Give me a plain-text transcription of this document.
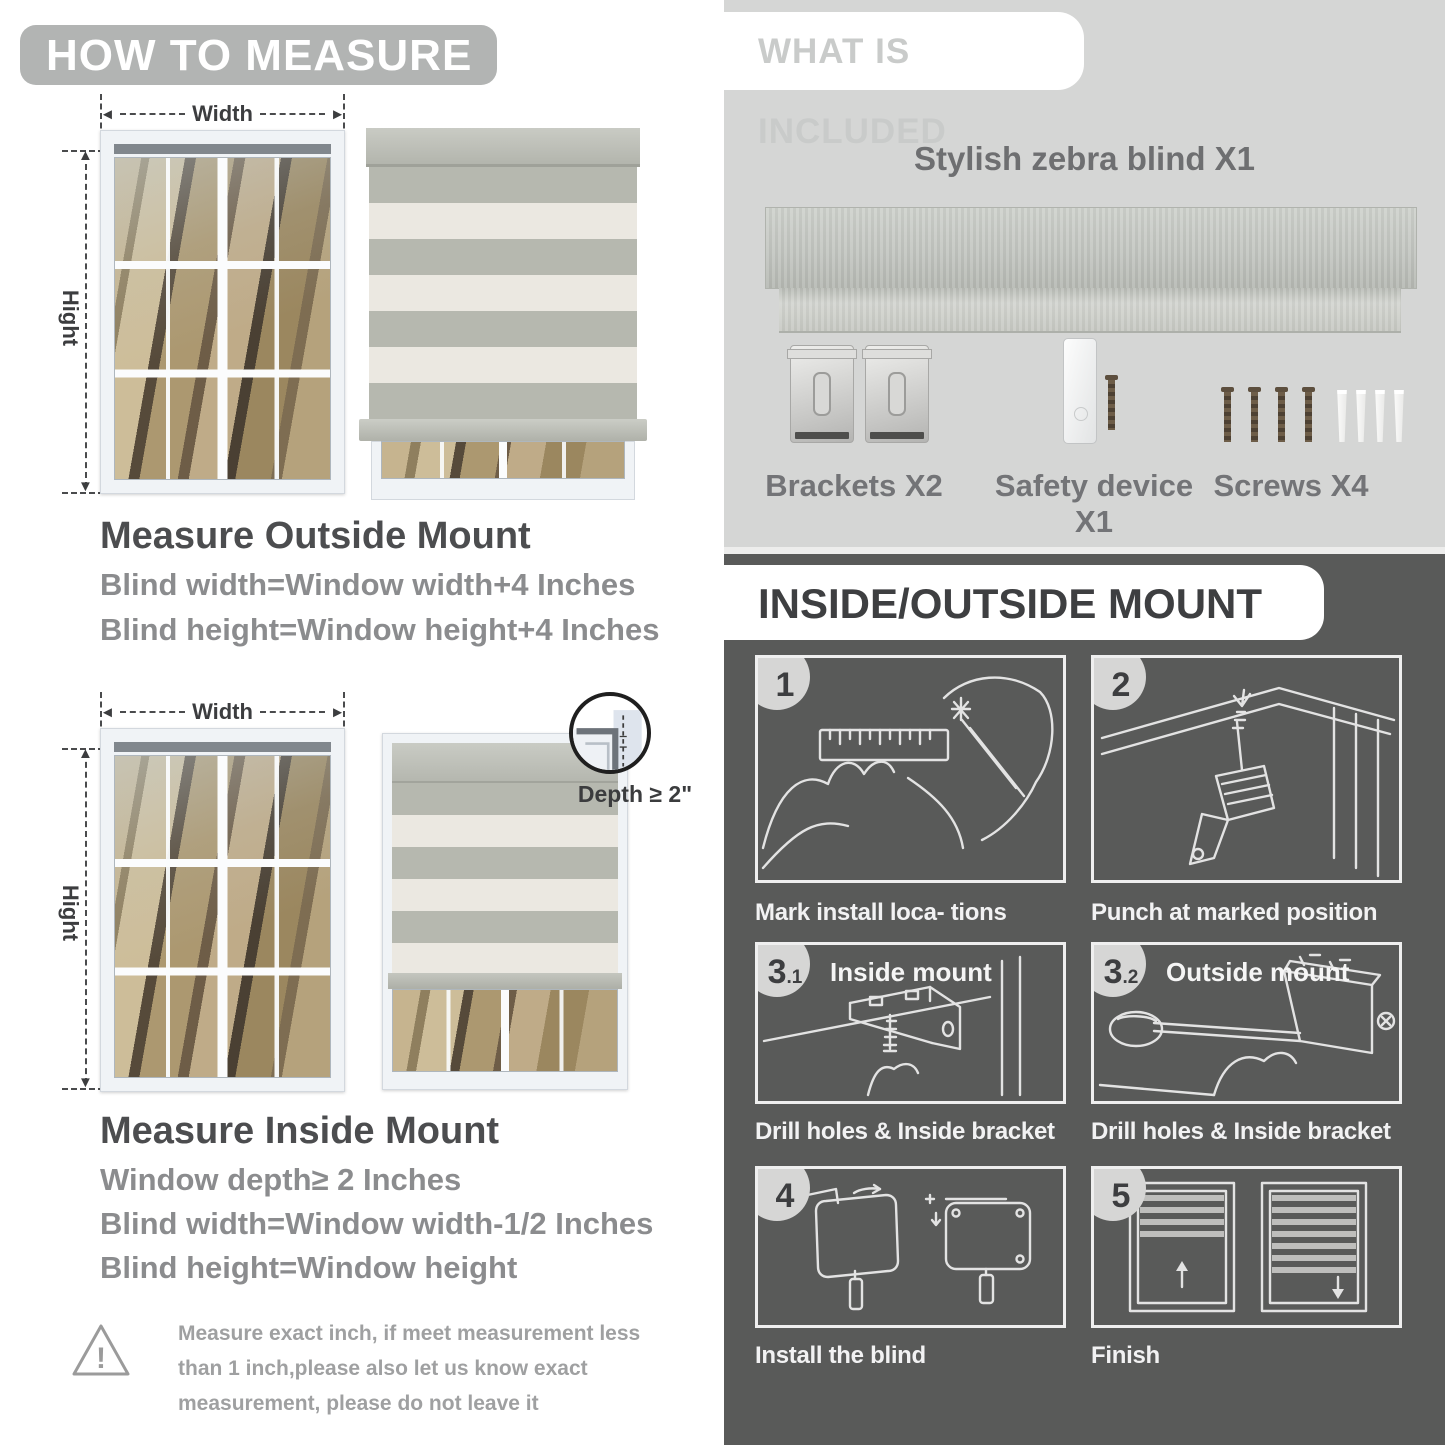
HOW TO MEASURE
◄	Width	►
▲
▼
Hight
Measure Outside Mount
Blind width=Window width+4 Inches
Blind height=Window height+4 Inches
◄	Width	►
▲
▼
Hight
Depth ≥ 2"
Measure Inside Mount
Window depth≥ 2 Inches
Blind width=Window width-1/2 Inches
Blind height=Window height
!
Measure exact inch, if meet measurement less
than 1 inch,please also let us know exact
measurement, please do not leave it
WHAT IS INCLUDED
Stylish zebra blind X1
Brackets X2	Safety device X1
Screws X4
INSIDE/OUTSIDE MOUNT
1
Mark install loca- tions
2
Punch at marked position
3 .1 Inside mount
Drill holes & Inside bracket
3 .2 Outside mount
Drill holes & Inside bracket
4
Install the blind
5
Finish
